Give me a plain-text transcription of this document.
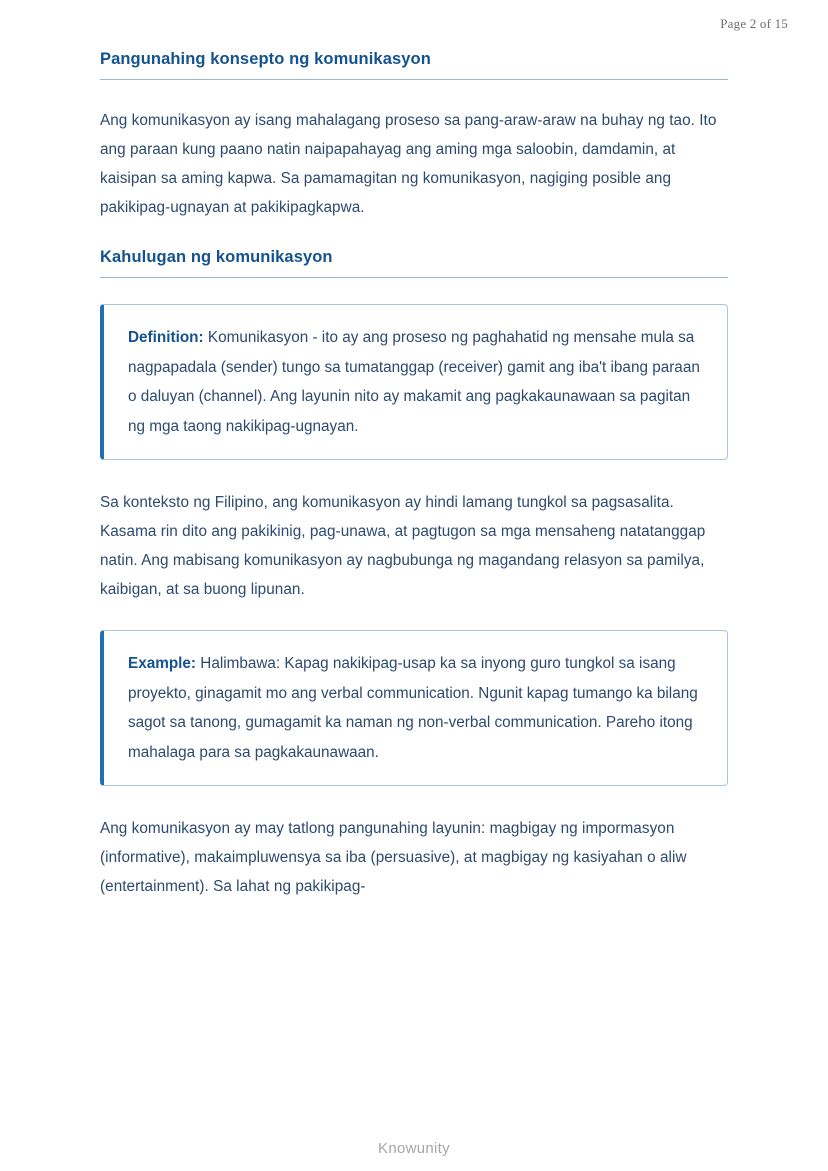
Page 2 of 15
Pangunahing konsepto ng komunikasyon

Ang komunikasyon ay isang mahalagang proseso sa pang-araw-araw na buhay ng tao. Ito ang paraan kung paano natin naipapahayag ang aming mga saloobin, damdamin, at kaisipan sa aming kapwa. Sa pamamagitan ng komunikasyon, nagiging posible ang pakikipag-ugnayan at pakikipagkapwa.

Kahulugan ng komunikasyon

Definition: Komunikasyon - ito ay ang proseso ng paghahatid ng mensahe mula sa nagpapadala (sender) tungo sa tumatanggap (receiver) gamit ang iba't ibang paraan o daluyan (channel). Ang layunin nito ay makamit ang pagkakaunawaan sa pagitan ng mga taong nakikipag-ugnayan.

Sa konteksto ng Filipino, ang komunikasyon ay hindi lamang tungkol sa pagsasalita. Kasama rin dito ang pakikinig, pag-unawa, at pagtugon sa mga mensaheng natatanggap natin. Ang mabisang komunikasyon ay nagbubunga ng magandang relasyon sa pamilya, kaibigan, at sa buong lipunan.

Example: Halimbawa: Kapag nakikipag-usap ka sa inyong guro tungkol sa isang proyekto, ginagamit mo ang verbal communication. Ngunit kapag tumango ka bilang sagot sa tanong, gumagamit ka naman ng non-verbal communication. Pareho itong mahalaga para sa pagkakaunawaan.

Ang komunikasyon ay may tatlong pangunahing layunin: magbigay ng impormasyon (informative), makaimpluwensya sa iba (persuasive), at magbigay ng kasiyahan o aliw (entertainment). Sa lahat ng pakikipag-

Knowunity
